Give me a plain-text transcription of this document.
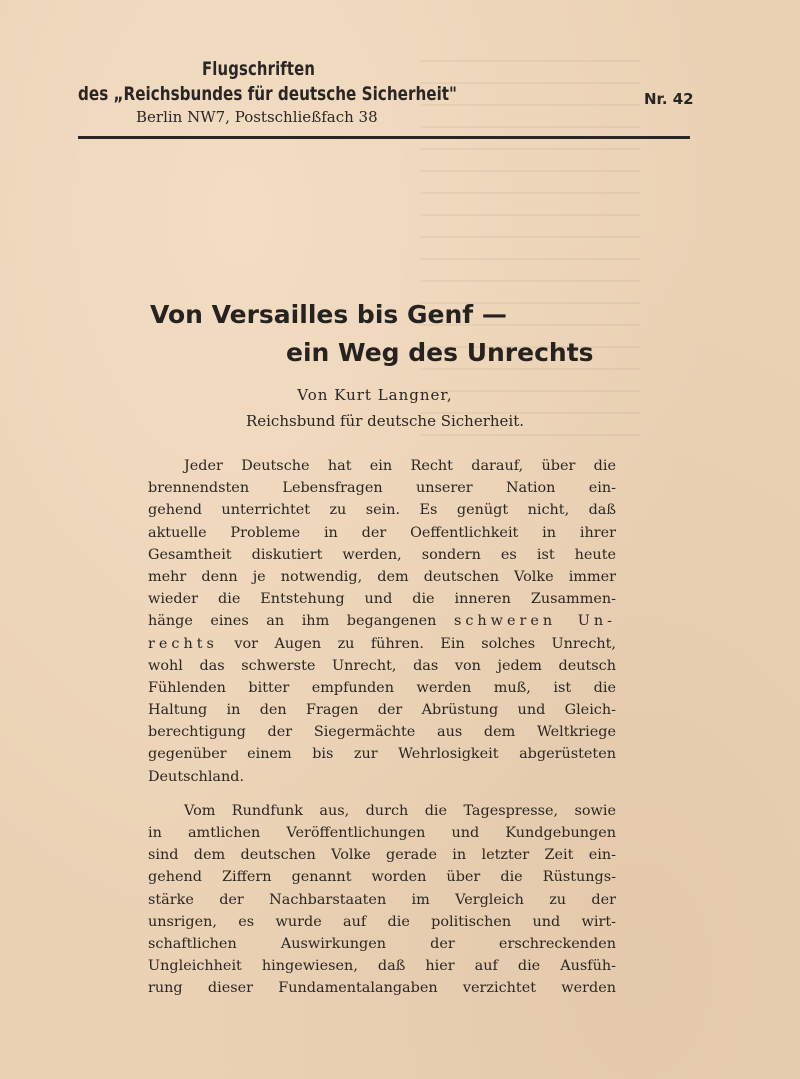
Flugschriften
des „Reichsbundes für deutsche Sicherheit"
Berlin NW7, Postschließfach 38
Nr. 42
Von Versailles bis Genf —
ein Weg des Unrechts
Von Kurt Langner,
Reichsbund für deutsche Sicherheit.
Jeder Deutsche hat ein Recht darauf, über die
brennendsten Lebensfragen unserer Nation ein-
gehend unterrichtet zu sein. Es genügt nicht, daß
aktuelle Probleme in der Oeffentlichkeit in ihrer
Gesamtheit diskutiert werden, sondern es ist heute
mehr denn je notwendig, dem deutschen Volke immer
wieder die Entstehung und die inneren Zusammen-
hänge eines an ihm begangenen schweren Un-
rechts vor Augen zu führen. Ein solches Unrecht,
wohl das schwerste Unrecht, das von jedem deutsch
Fühlenden bitter empfunden werden muß, ist die
Haltung in den Fragen der Abrüstung und Gleich-
berechtigung der Siegermächte aus dem Weltkriege
gegenüber einem bis zur Wehrlosigkeit abgerüsteten
Deutschland.
Vom Rundfunk aus, durch die Tagespresse, sowie
in amtlichen Veröffentlichungen und Kundgebungen
sind dem deutschen Volke gerade in letzter Zeit ein-
gehend Ziffern genannt worden über die Rüstungs-
stärke der Nachbarstaaten im Vergleich zu der
unsrigen, es wurde auf die politischen und wirt-
schaftlichen Auswirkungen der erschreckenden
Ungleichheit hingewiesen, daß hier auf die Ausfüh-
rung dieser Fundamentalangaben verzichtet werden
